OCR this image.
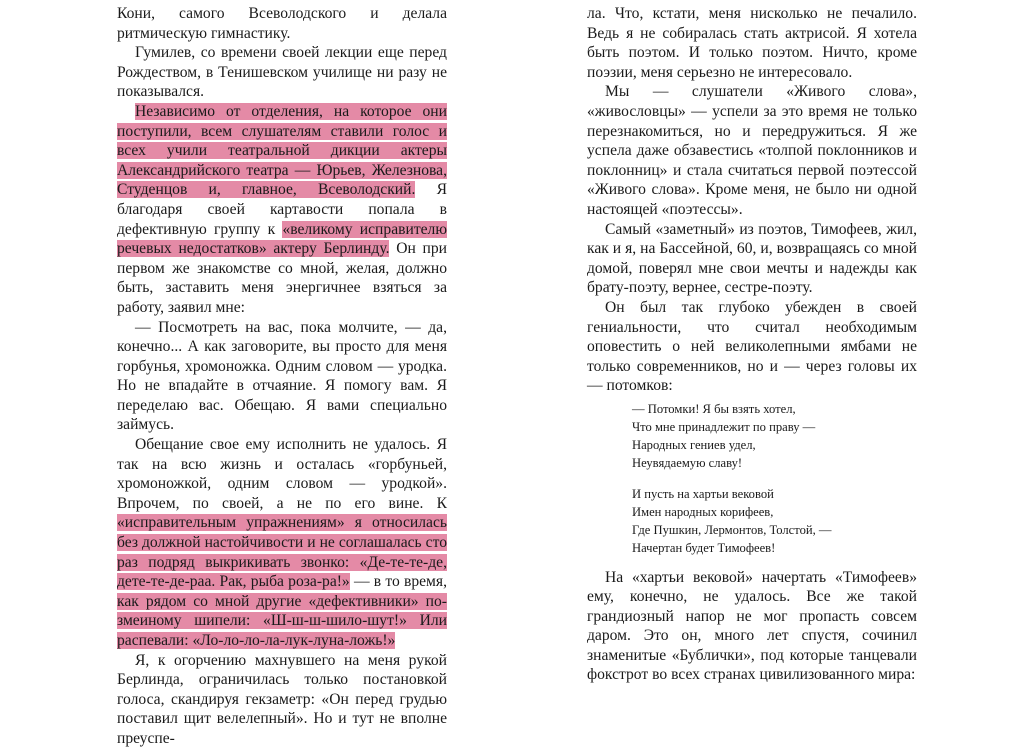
Кони, самого Всеволодского и делала ритмическую гимнастику.

Гумилев, со времени своей лекции еще перед Рождеством, в Тенишевском училище ни разу не показывался.

Независимо от отделения, на которое они поступили, всем слушателям ставили голос и всех учили театральной дикции актеры Александрийского театра — Юрьев, Железнова, Студенцов и, главное, Всеволодский. Я благодаря своей картавости попала в дефективную группу к «великому исправителю речевых недостатков» актеру Берлинду. Он при первом же знакомстве со мной, желая, должно быть, заставить меня энергичнее взяться за работу, заявил мне:

— Посмотреть на вас, пока молчите, — да, конечно... А как заговорите, вы просто для меня горбунья, хромоножка. Одним словом — уродка. Но не впадайте в отчаяние. Я помогу вам. Я переделаю вас. Обещаю. Я вами специально займусь.

Обещание свое ему исполнить не удалось. Я так на всю жизнь и осталась «горбуньей, хромоножкой, одним словом — уродкой». Впрочем, по своей, а не по его вине. К «исправительным упражнениям» я относилась без должной настойчивости и не соглашалась сто раз подряд выкрикивать звонко: «Де-те-те-де, дете-те-де-раа. Рак, рыба роза-ра!» — в то время, как рядом со мной другие «дефективники» по-змеиному шипели: «Ш-ш-ш-шило-шут!» Или распевали: «Ло-ло-ло-ла-лук-луна-ложь!»

Я, к огорчению махнувшего на меня рукой Берлинда, ограничилась только постановкой голоса, скандируя гекзаметр: «Он перед грудью поставил щит велелепный». Но и тут не вполне преуспе-

ла. Что, кстати, меня нисколько не печалило. Ведь я не собиралась стать актрисой. Я хотела быть поэтом. И только поэтом. Ничто, кроме поэзии, меня серьезно не интересовало.

Мы — слушатели «Живого слова», «живословцы» — успели за это время не только перезнакомиться, но и передружиться. Я же успела даже обзавестись «толпой поклонников и поклонниц» и стала считаться первой поэтессой «Живого слова». Кроме меня, не было ни одной настоящей «поэтессы».

Самый «заметный» из поэтов, Тимофеев, жил, как и я, на Бассейной, 60, и, возвращаясь со мной домой, поверял мне свои мечты и надежды как брату-поэту, вернее, сестре-поэту.

Он был так глубоко убежден в своей гениальности, что считал необходимым оповестить о ней великолепными ямбами не только современников, но и — через головы их — потомков:

— Потомки! Я бы взять хотел,
Что мне принадлежит по праву —
Народных гениев удел,
Неувядаемую славу!
И пусть на хартьи вековой
Имен народных корифеев,
Где Пушкин, Лермонтов, Толстой, —
Начертан будет Тимофеев!

На «хартьи вековой» начертать «Тимофеев» ему, конечно, не удалось. Все же такой грандиозный напор не мог пропасть совсем даром. Это он, много лет спустя, сочинил знаменитые «Бублички», под которые танцевали фокстрот во всех странах цивилизованного мира:
